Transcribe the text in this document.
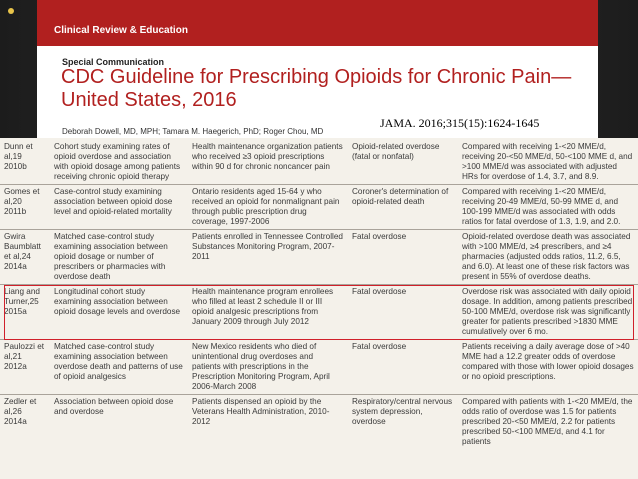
Clinical Review & Education
Special Communication
CDC Guideline for Prescribing Opioids for Chronic Pain—United States, 2016
Deborah Dowell, MD, MPH; Tamara M. Haegerich, PhD; Roger Chou, MD
JAMA. 2016;315(15):1624-1645
Dunn et al,19 2010b	Cohort study examining rates of opioid overdose and association with opioid dosage among patients receiving chronic opioid therapy	Health maintenance organization patients who received ≥3 opioid prescriptions within 90 d for chronic noncancer pain	Opioid-related overdose (fatal or nonfatal)	Compared with receiving 1-<20 MME/d, receiving 20-<50 MME/d, 50-<100 MME d, and >100 MME/d was associated with adjusted HRs for overdose of 1.4, 3.7, and 8.9.
Gomes et al,20 2011b	Case-control study examining association between opioid dose level and opioid-related mortality	Ontario residents aged 15-64 y who received an opioid for nonmalignant pain through public prescription drug coverage, 1997-2006	Coroner's determination of opioid-related death	Compared with receiving 1-<20 MME/d, receiving 20-49 MME/d, 50-99 MME d, and 100-199 MME/d was associated with odds ratios for fatal overdose of 1.3, 1.9, and 2.0.
Gwira Baumblatt et al,24 2014a	Matched case-control study examining association between opioid dosage or number of prescribers or pharmacies with overdose death	Patients enrolled in Tennessee Controlled Substances Monitoring Program, 2007-2011	Fatal overdose	Opioid-related overdose death was associated with >100 MME/d, ≥4 prescribers, and ≥4 pharmacies (adjusted odds ratios, 11.2, 6.5, and 6.0). At least one of these risk factors was present in 55% of overdose deaths.
Liang and Turner,25 2015a	Longitudinal cohort study examining association between opioid dosage levels and overdose	Health maintenance program enrollees who filled at least 2 schedule II or III opioid analgesic prescriptions from January 2009 through July 2012	Fatal overdose	Overdose risk was associated with daily opioid dosage. In addition, among patients prescribed 50-100 MME/d, overdose risk was significantly greater for patients prescribed >1830 MME cumulatively over 6 mo.
Paulozzi et al,21 2012a	Matched case-control study examining association between overdose death and patterns of use of opioid analgesics	New Mexico residents who died of unintentional drug overdoses and patients with prescriptions in the Prescription Monitoring Program, April 2006-March 2008	Fatal overdose	Patients receiving a daily average dose of >40 MME had a 12.2 greater odds of overdose compared with those with lower opioid dosages or no opioid prescriptions.
Zedler et al,26 2014a	Association between opioid dose and overdose	Patients dispensed an opioid by the Veterans Health Administration, 2010-2012	Respiratory/central nervous system depression, overdose	Compared with patients with 1-<20 MME/d, the odds ratio of overdose was 1.5 for patients prescribed 20-<50 MME/d, 2.2 for patients prescribed 50-<100 MME/d, and 4.1 for patients
